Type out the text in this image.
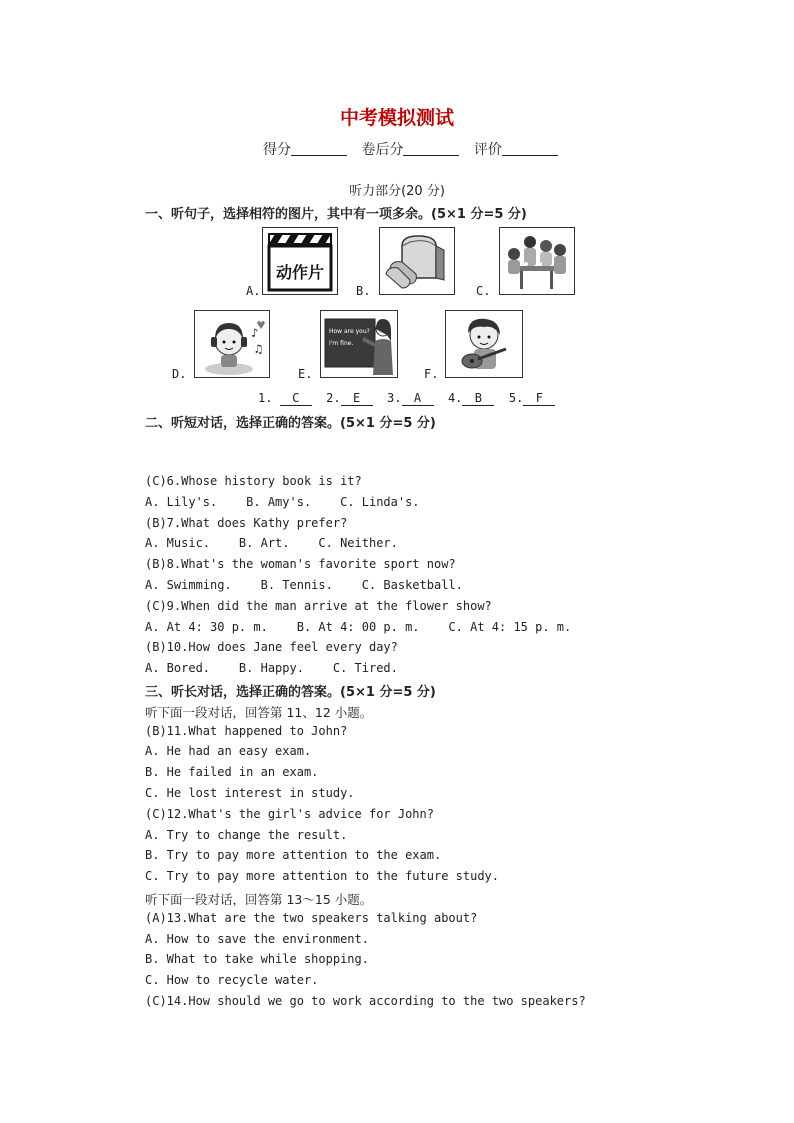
中考模拟测试
得分	卷后分	评价
听力部分(20 分)
一、听句子，选择相符的图片，其中有一项多余。(5×1 分=5 分)
A.
动作片
B.	C.
D.
♪
♫
E.
How are you?
I'm fine.
F.
1. C 2. E 3. A 4. B 5. F
二、听短对话，选择正确的答案。(5×1 分=5 分)
(C)6.Whose history book is it?
A. Lily's.    B. Amy's.    C. Linda's.
(B)7.What does Kathy prefer?
A. Music.    B. Art.    C. Neither.
(B)8.What's the woman's favorite sport now?
A. Swimming.    B. Tennis.    C. Basketball.
(C)9.When did the man arrive at the flower show?
A. At 4: 30 p. m.    B. At 4: 00 p. m.    C. At 4: 15 p. m.
(B)10.How does Jane feel every day?
A. Bored.    B. Happy.    C. Tired.
三、听长对话，选择正确的答案。(5×1 分=5 分)
听下面一段对话，回答第 11、12 小题。
(B)11.What happened to John?
A. He had an easy exam.
B. He failed in an exam.
C. He lost interest in study.
(C)12.What's the girl's advice for John?
A. Try to change the result.
B. Try to pay more attention to the exam.
C. Try to pay more attention to the future study.
听下面一段对话，回答第 13～15 小题。
(A)13.What are the two speakers talking about?
A. How to save the environment.
B. What to take while shopping.
C. How to recycle water.
(C)14.How should we go to work according to the two speakers?
